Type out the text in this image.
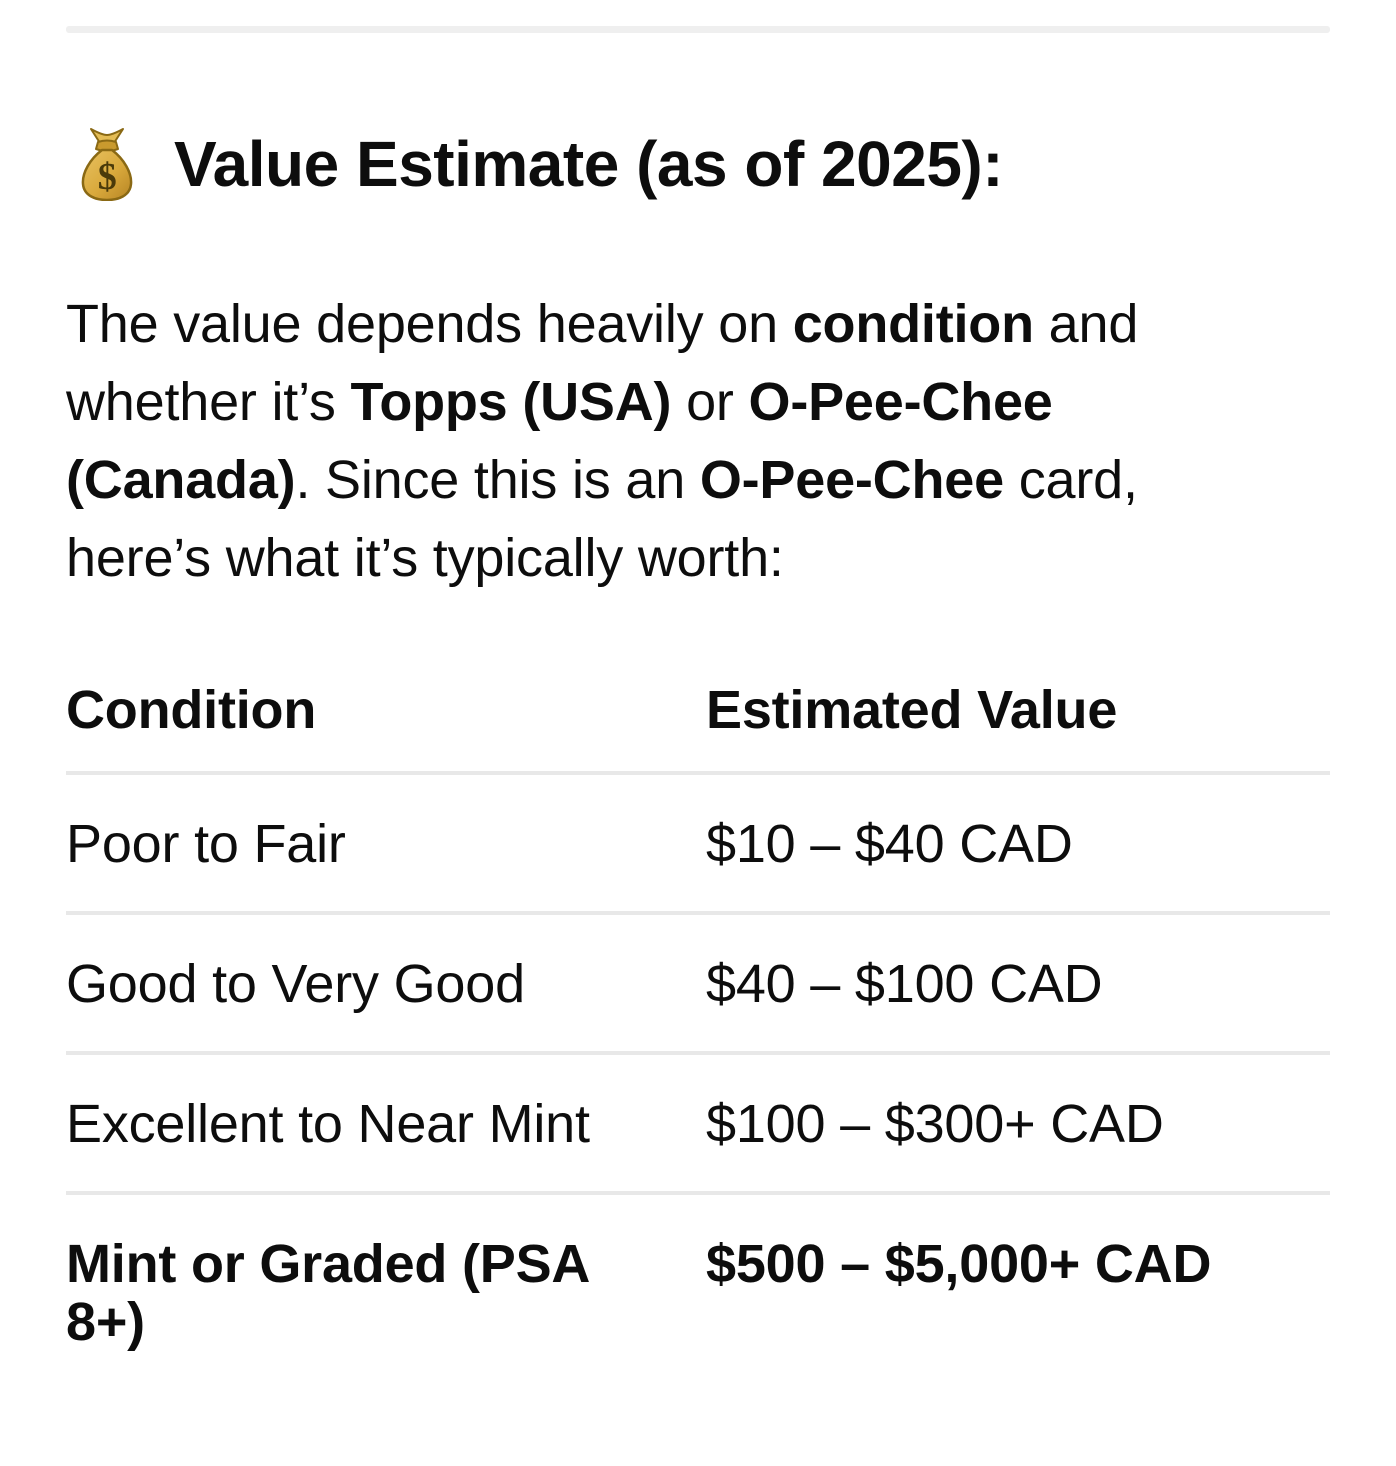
$ Value Estimate (as of 2025):

The value depends heavily on condition and
whether it’s Topps (USA) or O-Pee-Chee
(Canada). Since this is an O-Pee-Chee card,
here’s what it’s typically worth:

Condition	Estimated Value
Poor to Fair	$10 – $40 CAD
Good to Very Good	$40 – $100 CAD
Excellent to Near Mint	$100 – $300+ CAD
Mint or Graded (PSA 8+)	$500 – $5,000+ CAD
